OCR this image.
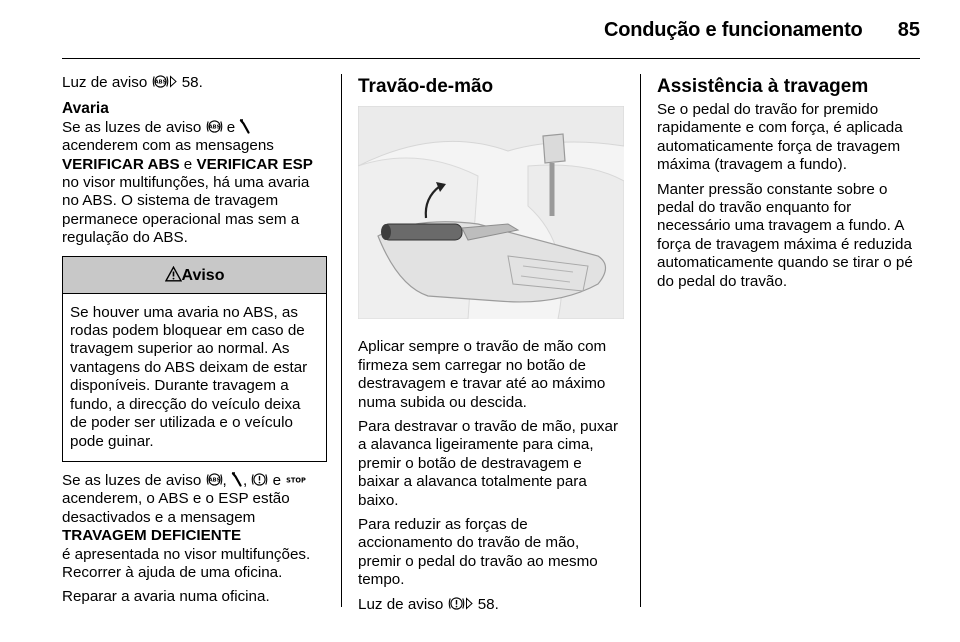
Condução e funcionamento 85

Luz de aviso ABS 58.

Avaria

Se as luzes de aviso ABS e  acenderem com as mensagens VERIFICAR ABS e VERIFICAR ESP no visor multifunções, há uma avaria no ABS. O sistema de travagem permanece operacional mas sem a regulação do ABS.

Aviso
Se houver uma avaria no ABS, as rodas podem bloquear em caso de travagem superior ao normal. As vantagens do ABS deixam de estar disponíveis. Durante travagem a fundo, a direcção do veículo deixa de poder ser utilizada e o veículo pode guinar.

Se as luzes de aviso ABS , ,  e STOP
acenderem, o ABS e o ESP estão desactivados e a mensagem
TRAVAGEM DEFICIENTE
é apresentada no visor multifunções. Recorrer à ajuda de uma oficina.

Reparar a avaria numa oficina.

Travão-de-mão

Aplicar sempre o travão de mão com firmeza sem carregar no botão de destravagem e travar até ao máximo numa subida ou descida.

Para destravar o travão de mão, puxar a alavanca ligeiramente para cima, premir o botão de destravagem e baixar a alavanca totalmente para baixo.

Para reduzir as forças de accionamento do travão de mão, premir o pedal do travão ao mesmo tempo.

Luz de aviso  58.

Assistência à travagem

Se o pedal do travão for premido rapidamente e com força, é aplicada automaticamente força de travagem máxima (travagem a fundo).

Manter pressão constante sobre o pedal do travão enquanto for necessário uma travagem a fundo. A força de travagem máxima é reduzida automaticamente quando se tirar o pé do pedal do travão.
